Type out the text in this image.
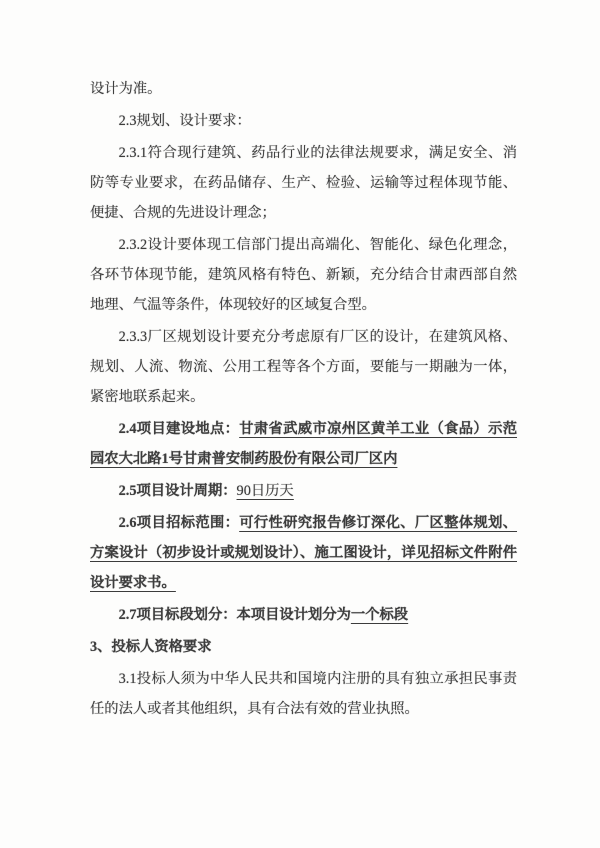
设计为准。

2.3规划、设计要求：

2.3.1符合现行建筑、药品行业的法律法规要求，满足安全、消防等专业要求，在药品储存、生产、检验、运输等过程体现节能、便捷、合规的先进设计理念；

2.3.2设计要体现工信部门提出高端化、智能化、绿色化理念，各环节体现节能，建筑风格有特色、新颖，充分结合甘肃西部自然地理、气温等条件，体现较好的区域复合型。

2.3.3厂区规划设计要充分考虑原有厂区的设计，在建筑风格、规划、人流、物流、公用工程等各个方面，要能与一期融为一体，紧密地联系起来。

2.4项目建设地点：甘肃省武威市凉州区黄羊工业（食品）示范园农大北路1号甘肃普安制药股份有限公司厂区内

2.5项目设计周期：90日历天

2.6项目招标范围：可行性研究报告修订深化、厂区整体规划、方案设计（初步设计或规划设计）、施工图设计，详见招标文件附件设计要求书。

2.7项目标段划分：本项目设计划分为一个标段

3、投标人资格要求

3.1投标人须为中华人民共和国境内注册的具有独立承担民事责任的法人或者其他组织，具有合法有效的营业执照。
